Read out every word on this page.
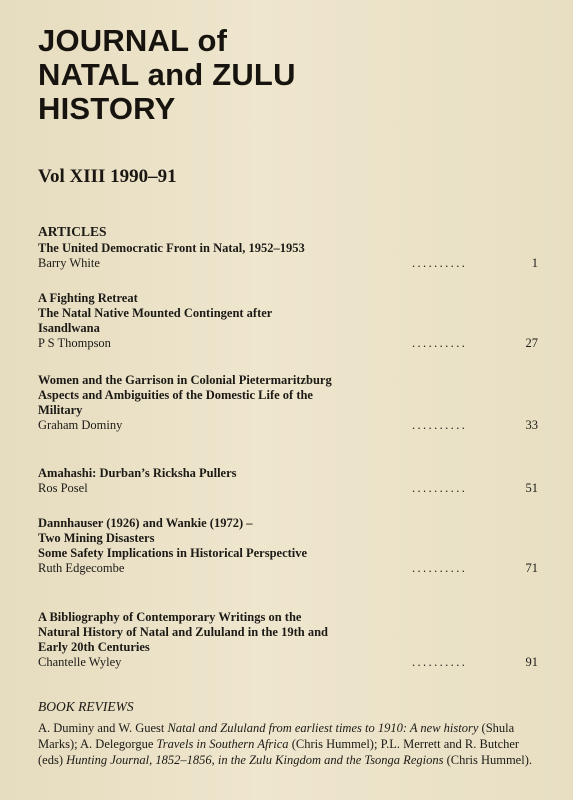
JOURNAL of
NATAL and ZULU
HISTORY
Vol XIII 1990–91
ARTICLES
The United Democratic Front in Natal, 1952–1953
Barry White	..........	1
A Fighting Retreat
The Natal Native Mounted Contingent after
Isandlwana
P S Thompson	..........	27
Women and the Garrison in Colonial Pietermaritzburg
Aspects and Ambiguities of the Domestic Life of the
Military
Graham Dominy	..........	33
Amahashi: Durban’s Ricksha Pullers
Ros Posel	..........	51
Dannhauser (1926) and Wankie (1972) –
Two Mining Disasters
Some Safety Implications in Historical Perspective
Ruth Edgecombe	..........	71
A Bibliography of Contemporary Writings on the
Natural History of Natal and Zululand in the 19th and
Early 20th Centuries
Chantelle Wyley	..........	91
BOOK REVIEWS
A. Duminy and W. Guest Natal and Zululand from earliest times to 1910: A new history (Shula Marks); A. Delegorgue Travels in Southern Africa (Chris Hummel); P.L. Merrett and R. Butcher (eds) Hunting Journal, 1852–1856, in the Zulu Kingdom and the Tsonga Regions (Chris Hummel).
